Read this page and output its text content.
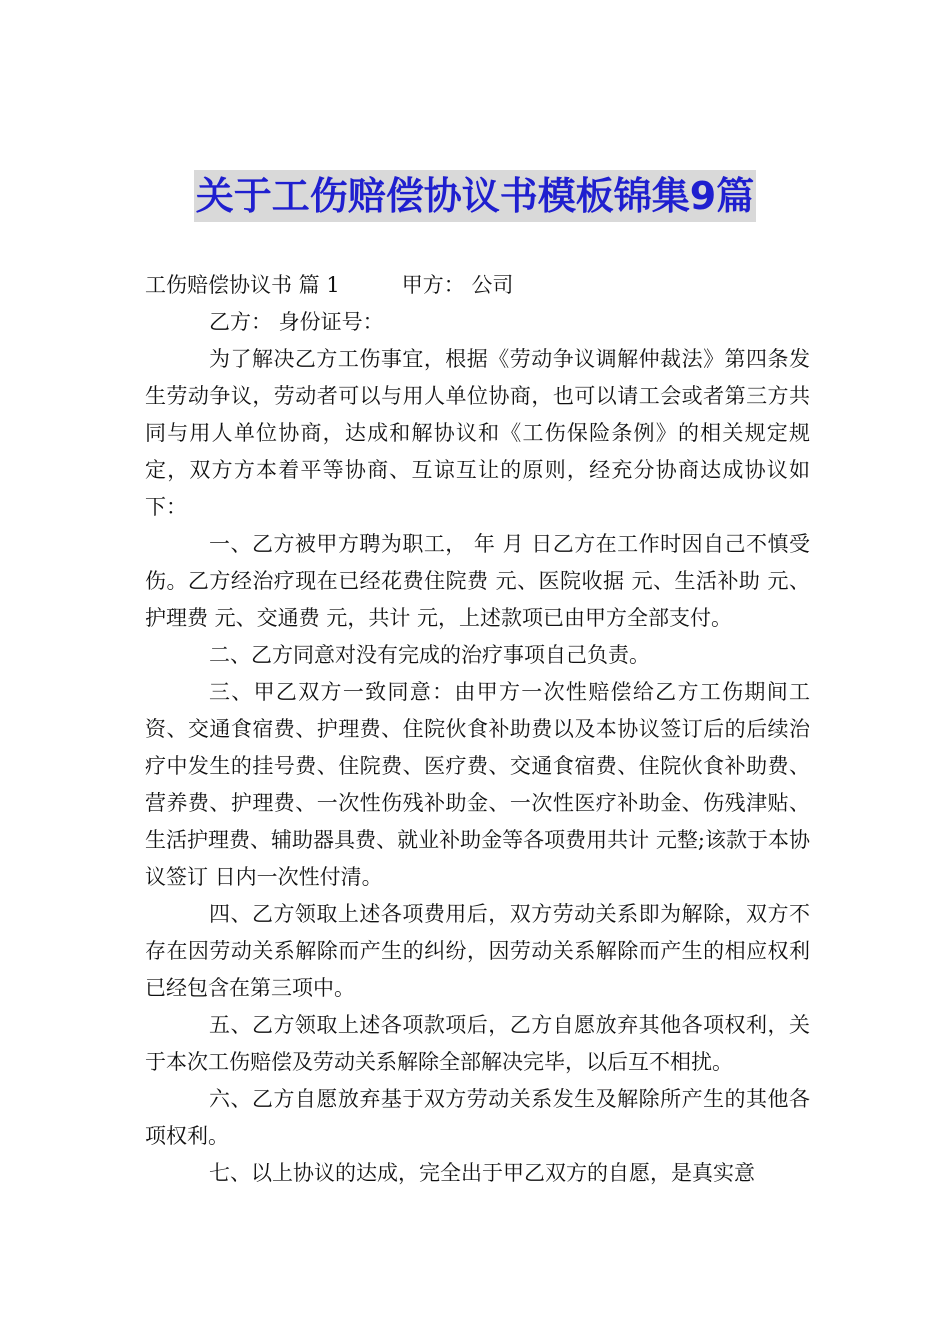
关于工伤赔偿协议书模板锦集9篇
工伤赔偿协议书 篇 1	甲方： 公司

乙方： 身份证号：

为了解决乙方工伤事宜，根据《劳动争议调解仲裁法》第四条发生劳动争议，劳动者可以与用人单位协商，也可以请工会或者第三方共同与用人单位协商，达成和解协议和《工伤保险条例》的相关规定规定，双方方本着平等协商、互谅互让的原则，经充分协商达成协议如下：

一、乙方被甲方聘为职工， 年 月 日乙方在工作时因自己不慎受伤。乙方经治疗现在已经花费住院费 元、医院收据 元、生活补助 元、护理费 元、交通费 元，共计 元，上述款项已由甲方全部支付。

二、乙方同意对没有完成的治疗事项自己负责。

三、甲乙双方一致同意：由甲方一次性赔偿给乙方工伤期间工资、交通食宿费、护理费、住院伙食补助费以及本协议签订后的后续治疗中发生的挂号费、住院费、医疗费、交通食宿费、住院伙食补助费、营养费、护理费、一次性伤残补助金、一次性医疗补助金、伤残津贴、生活护理费、辅助器具费、就业补助金等各项费用共计 元整;该款于本协议签订 日内一次性付清。

四、乙方领取上述各项费用后，双方劳动关系即为解除，双方不存在因劳动关系解除而产生的纠纷，因劳动关系解除而产生的相应权利已经包含在第三项中。

五、乙方领取上述各项款项后，乙方自愿放弃其他各项权利，关于本次工伤赔偿及劳动关系解除全部解决完毕，以后互不相扰。

六、乙方自愿放弃基于双方劳动关系发生及解除所产生的其他各项权利。

七、以上协议的达成，完全出于甲乙双方的自愿，是真实意
